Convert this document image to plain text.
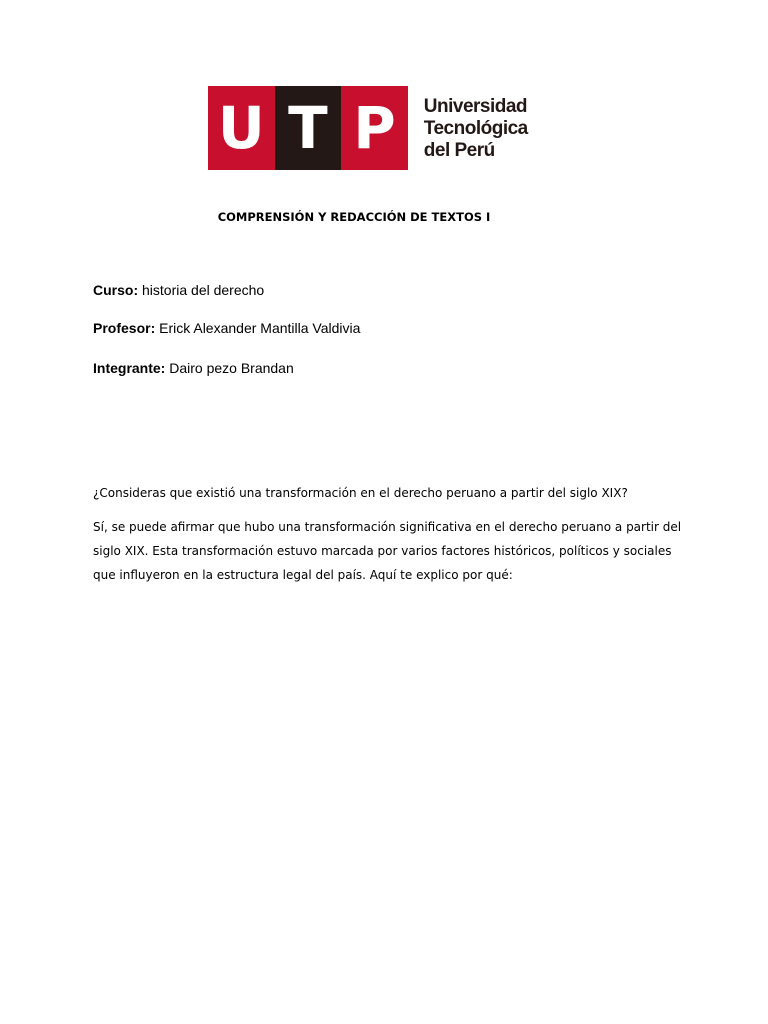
U T P	Universidad
Tecnológica
del Perú
COMPRENSIÓN Y REDACCIÓN DE TEXTOS I
Curso: historia del derecho
Profesor: Erick Alexander Mantilla Valdivia
Integrante: Dairo pezo Brandan

¿Consideras que existió una transformación en el derecho peruano a partir del siglo XIX?

Sí, se puede afirmar que hubo una transformación significativa en el derecho peruano a partir del siglo XIX. Esta transformación estuvo marcada por varios factores históricos, políticos y sociales que influyeron en la estructura legal del país. Aquí te explico por qué:
